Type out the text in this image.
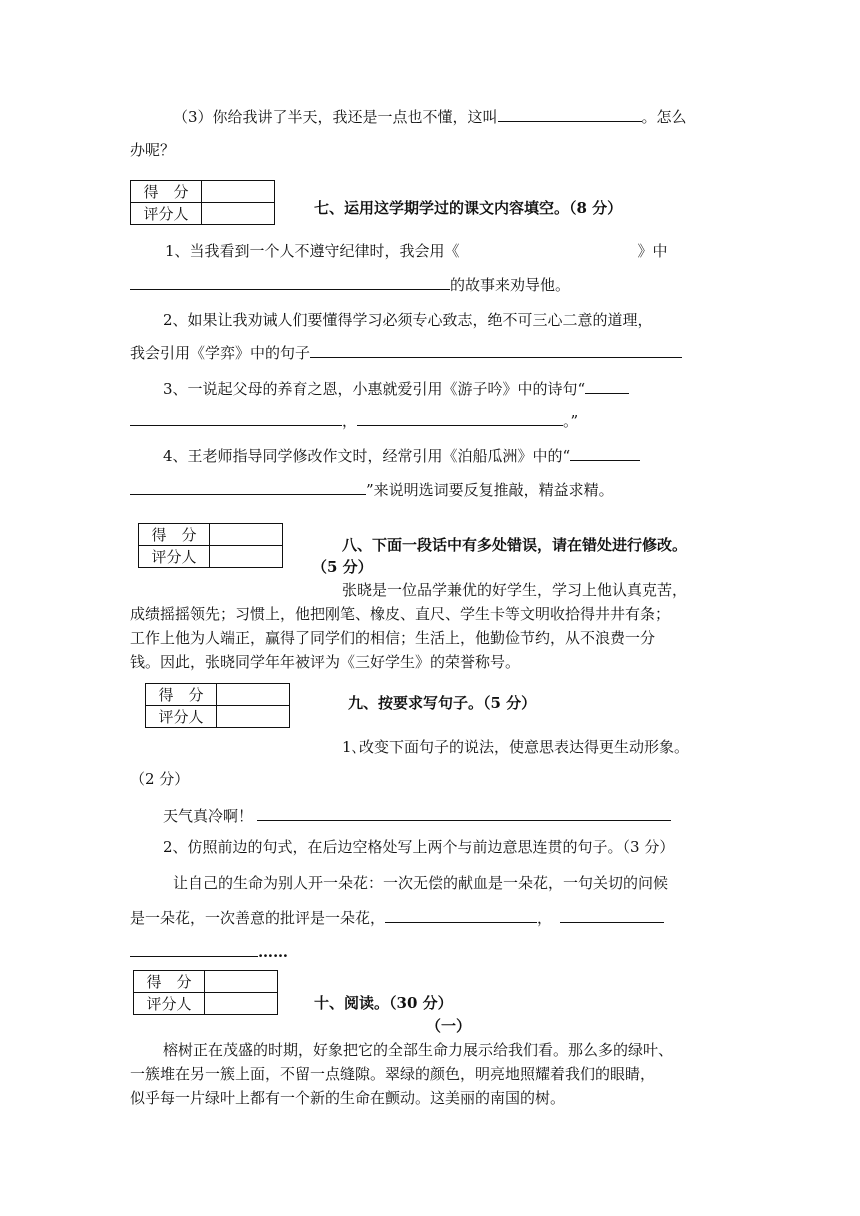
（3）你给我讲了半天，我还是一点也不懂，这叫	。怎么
办呢？
得　分	
评分人		七、运用这学期学过的课文内容填空。（8 分）
1、当我看到一个人不遵守纪律时，我会用《	》中
的故事来劝导他。
2、如果让我劝诫人们要懂得学习必须专心致志，绝不可三心二意的道理，
我会引用《学弈》中的句子
3、一说起父母的养育之恩，小惠就爱引用《游子吟》中的诗句“
，	。”
4、王老师指导同学修改作文时，经常引用《泊船瓜洲》中的“
”来说明选词要反复推敲，精益求精。
得　分	
评分人	
八、下面一段话中有多处错误，请在错处进行修改。
（5 分）
张晓是一位品学兼优的好学生，学习上他认真克苦，
成绩摇摇领先；习惯上，他把刚笔、橡皮、直尺、学生卡等文明收拾得井井有条；
工作上他为人端正，赢得了同学们的相信；生活上，他勤俭节约，从不浪费一分
钱。因此，张晓同学年年被评为《三好学生》的荣誉称号。
得　分	
评分人	
九、按要求写句子。（5 分）
1､改变下面句子的说法，使意思表达得更生动形象。
（2 分）
天气真冷啊！
2、仿照前边的句式，在后边空格处写上两个与前边意思连贯的句子。（3 分）
让自己的生命为别人开一朵花：一次无偿的献血是一朵花，一句关切的问候
是一朵花，一次善意的批评是一朵花，	，
……
得　分	
评分人		十、阅读。（30 分）
（一）
榕树正在茂盛的时期，好象把它的全部生命力展示给我们看。那么多的绿叶、
一簇堆在另一簇上面，不留一点缝隙。翠绿的颜色，明亮地照耀着我们的眼睛，
似乎每一片绿叶上都有一个新的生命在颤动。这美丽的南国的树。
